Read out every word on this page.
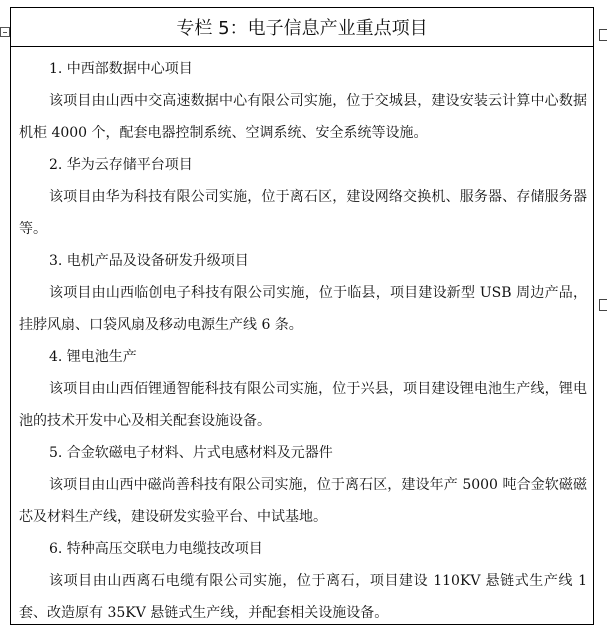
专栏 5：电子信息产业重点项目
1. 中西部数据中心项目
该项目由山西中交高速数据中心有限公司实施，位于交城县，建设安装云计算中心数据机柜 4000 个，配套电器控制系统、空调系统、安全系统等设施。
2. 华为云存储平台项目
该项目由华为科技有限公司实施，位于离石区，建设网络交换机、服务器、存储服务器等。
3. 电机产品及设备研发升级项目
该项目由山西临创电子科技有限公司实施，位于临县，项目建设新型 USB 周边产品，挂脖风扇、口袋风扇及移动电源生产线 6 条。
4. 锂电池生产
该项目由山西佰锂通智能科技有限公司实施，位于兴县，项目建设锂电池生产线，锂电池的技术开发中心及相关配套设施设备。
5. 合金软磁电子材料、片式电感材料及元器件
该项目由山西中磁尚善科技有限公司实施，位于离石区，建设年产 5000 吨合金软磁磁芯及材料生产线，建设研发实验平台、中试基地。
6. 特种高压交联电力电缆技改项目
该项目由山西离石电缆有限公司实施，位于离石，项目建设 110KV 悬链式生产线 1 套、改造原有 35KV 悬链式生产线，并配套相关设施设备。
